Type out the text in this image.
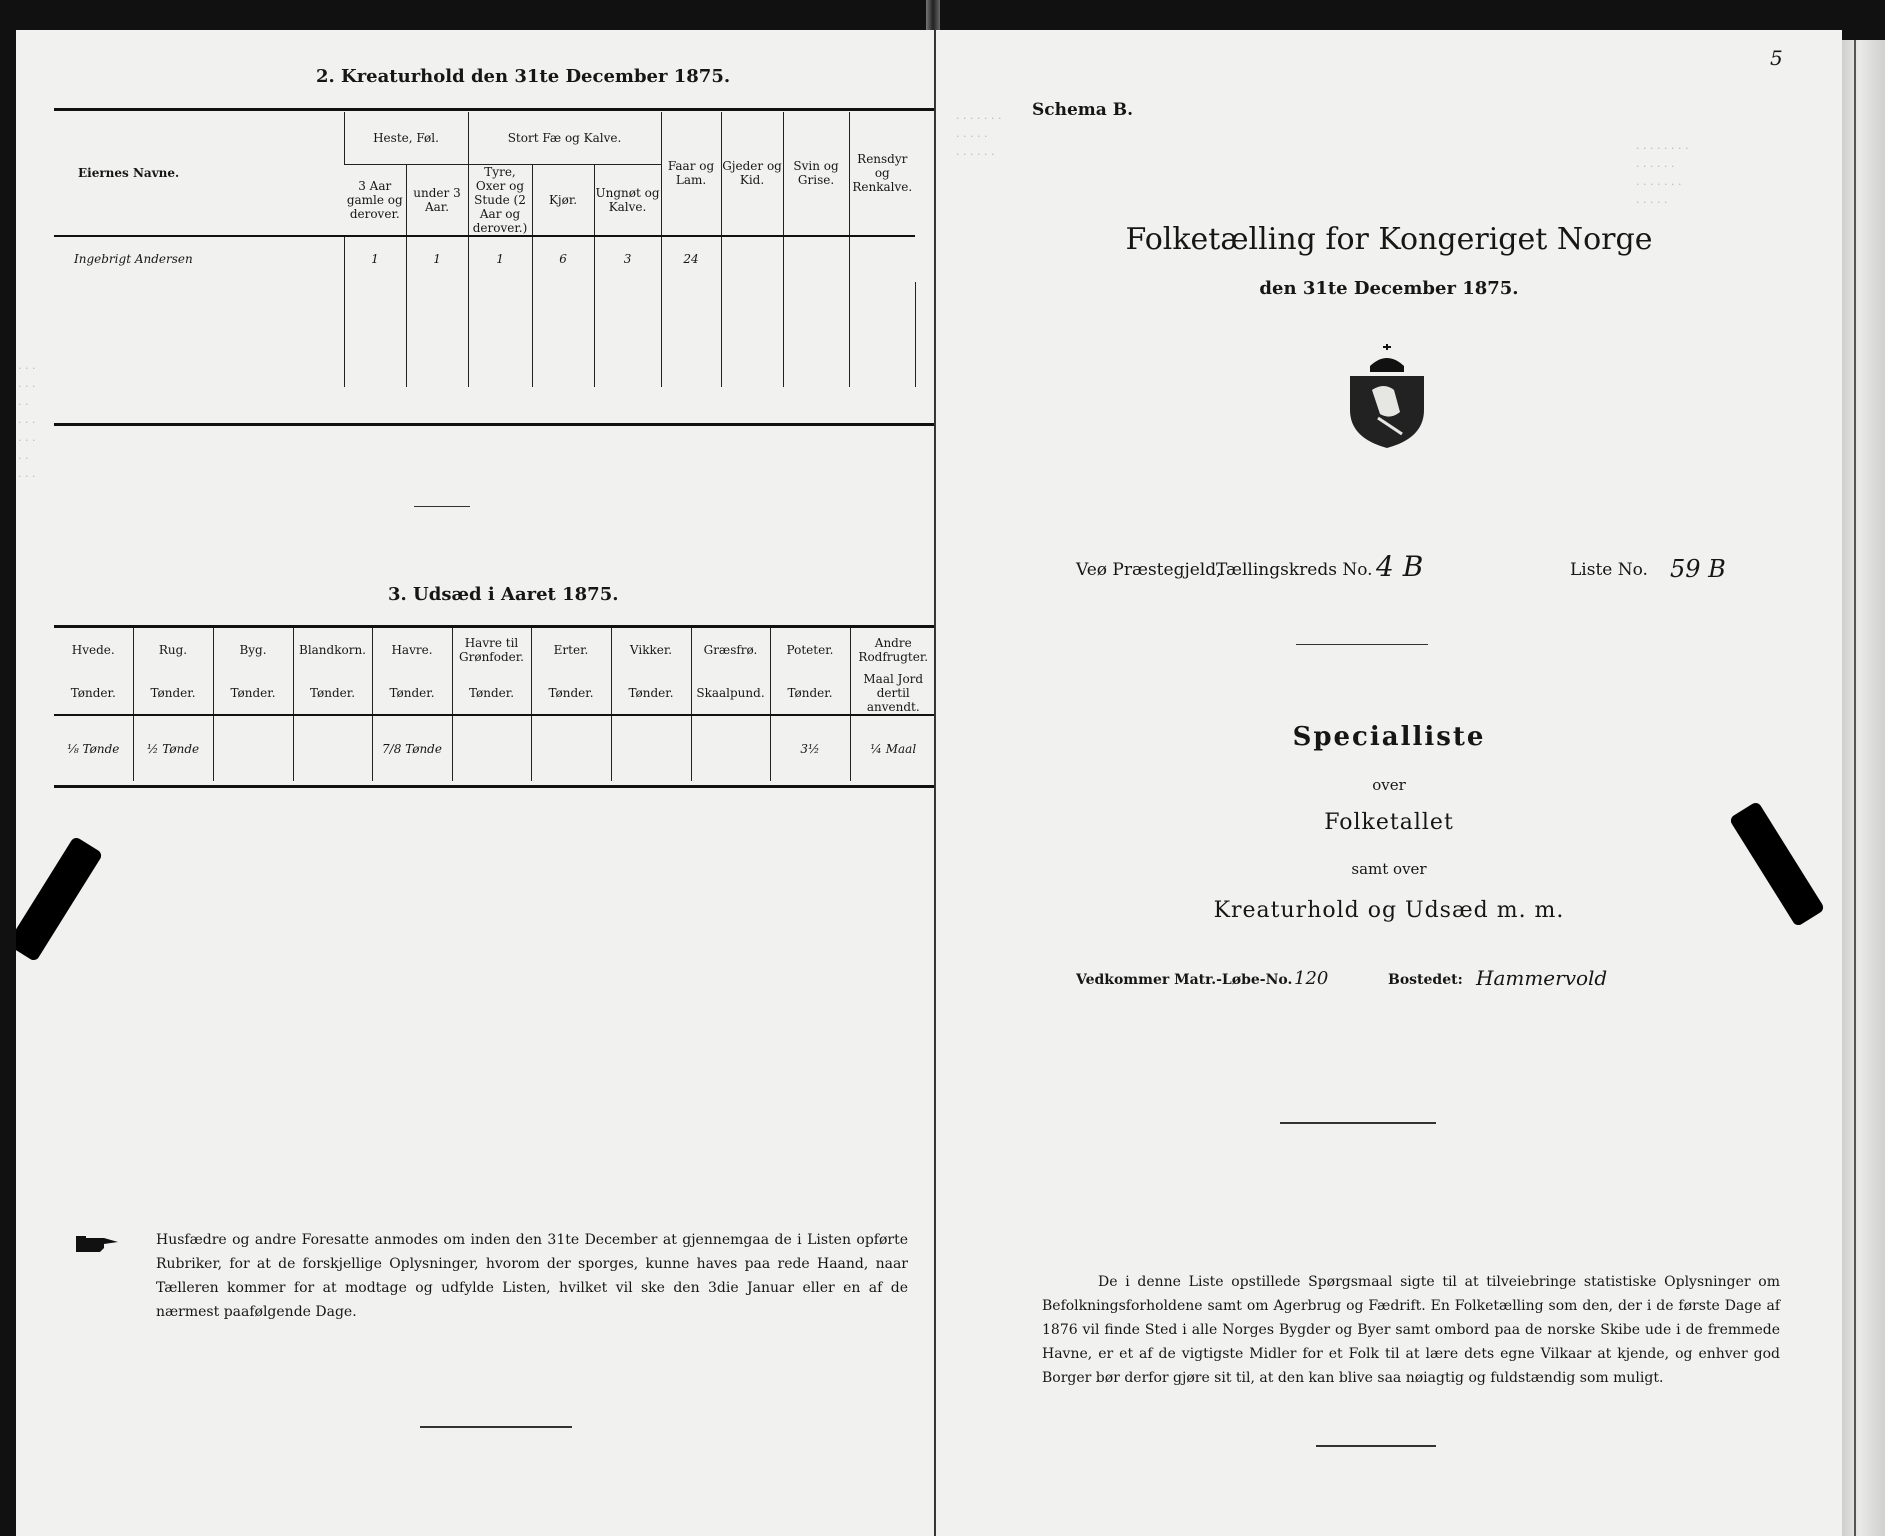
· · ·
· · ·
· ·
· · ·
· · ·
· ·
· · ·
2. Kreaturhold den 31te December 1875.
Eiernes Navne.	Heste, Føl.		Stort Fæ og Kalve.			Faar og Lam.	Gjeder og Kid.	Svin og Grise.	Rensdyr og Renkalve.	
	3 Aar gamle og derover.	under 3 Aar.	Tyre, Oxer og Stude (2 Aar og derover.)	Kjør.	Ungnøt og Kalve.					
Ingebrigt Andersen	1	1	1	6	3	24				

3. Udsæd i Aaret 1875.
Hvede.	Rug.	Byg.	Blandkorn.	Havre.	Havre til Grønfoder.	Erter.	Vikker.	Græsfrø.	Poteter.	Andre Rodfrugter.
Tønder.	Tønder.	Tønder.	Tønder.	Tønder.	Tønder.	Tønder.	Tønder.	Skaalpund.	Tønder.	Maal Jord dertil anvendt.
⅛ Tønde	½ Tønde			7/8 Tønde					3½	¼ Maal
Husfædre og andre Foresatte anmodes om inden den 31te December at gjennemgaa de i Listen opførte Rubriker, for at de forskjellige Oplysninger, hvorom der sporges, kunne haves paa rede Haand, naar Tælleren kommer for at modtage og udfylde Listen, hvilket vil ske den 3die Januar eller en af de nærmest paafølgende Dage.
· · · · · · ·
· · · · ·
· · · · · ·	· · · · · · · ·
· · · · · ·
· · · · · · ·
· · · · ·
5
Schema B.
Folketælling for Kongeriget Norge
den 31te December 1875.
Veø Præstegjeld,
Tællingskreds No. 4 B	Liste No. 59 B
Specialliste
over
Folketallet
samt over
Kreaturhold og Udsæd m. m.
Vedkommer Matr.-Løbe-No. 120	Bostedet: Hammervold
De i denne Liste opstillede Spørgsmaal sigte til at tilveiebringe statistiske Oplysninger om Befolkningsforholdene samt om Agerbrug og Fædrift. En Folketælling som den, der i de første Dage af 1876 vil finde Sted i alle Norges Bygder og Byer samt ombord paa de norske Skibe ude i de fremmede Havne, er et af de vigtigste Midler for et Folk til at lære dets egne Vilkaar at kjende, og enhver god Borger bør derfor gjøre sit til, at den kan blive saa nøiagtig og fuldstændig som muligt.
